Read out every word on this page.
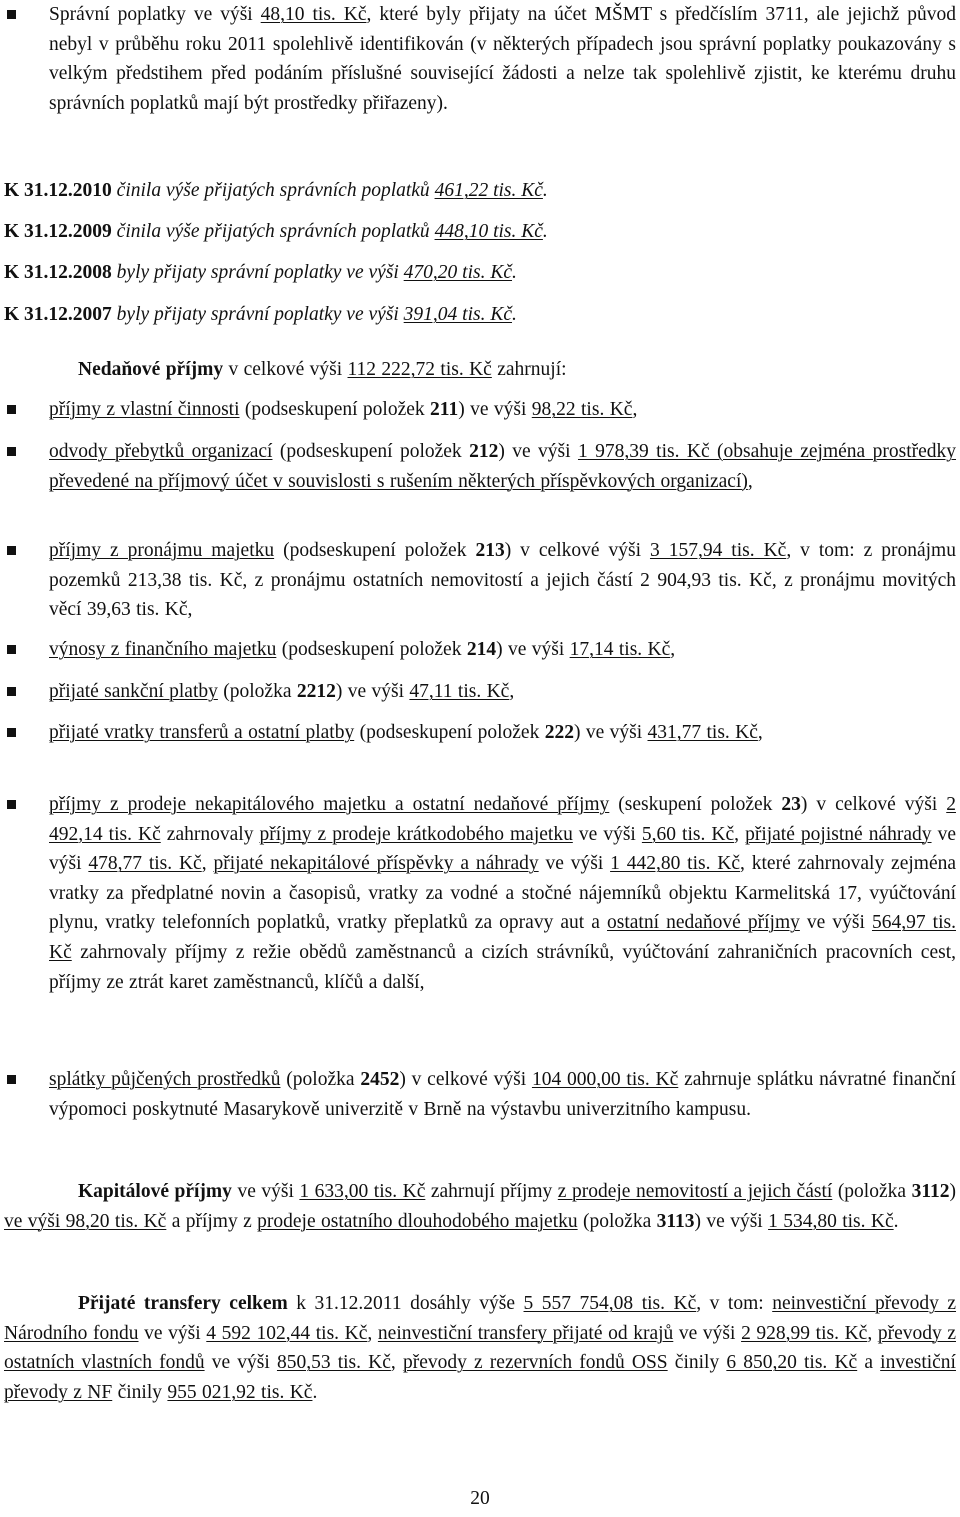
Správní poplatky ve výši 48,10 tis. Kč, které byly přijaty na účet MŠMT s předčíslím 3711, ale jejichž původ nebyl v průběhu roku 2011 spolehlivě identifikován (v některých případech jsou správní poplatky poukazovány s velkým předstihem před podáním příslušné související žádosti a nelze tak spolehlivě zjistit, ke kterému druhu správních poplatků mají být prostředky přiřazeny).
K 31.12.2010 činila výše přijatých správních poplatků 461,22 tis. Kč.
K 31.12.2009 činila výše přijatých správních poplatků 448,10 tis. Kč.
K 31.12.2008 byly přijaty správní poplatky ve výši 470,20 tis. Kč.
K 31.12.2007 byly přijaty správní poplatky ve výši 391,04 tis. Kč.
Nedaňové příjmy v celkové výši 112 222,72 tis. Kč zahrnují:
příjmy z vlastní činnosti (podseskupení položek 211) ve výši 98,22 tis. Kč,
odvody přebytků organizací (podseskupení položek 212) ve výši 1 978,39 tis. Kč (obsahuje zejména prostředky převedené na příjmový účet v souvislosti s rušením některých příspěvkových organizací),
příjmy z pronájmu majetku (podseskupení položek 213) v celkové výši 3 157,94 tis. Kč, v tom: z pronájmu pozemků 213,38 tis. Kč, z pronájmu ostatních nemovitostí a jejich částí 2 904,93 tis. Kč, z pronájmu movitých věcí 39,63 tis. Kč,
výnosy z finančního majetku (podseskupení položek 214) ve výši 17,14 tis. Kč,
přijaté sankční platby (položka 2212) ve výši 47,11 tis. Kč,
přijaté vratky transferů a ostatní platby (podseskupení položek 222) ve výši 431,77 tis. Kč,
příjmy z prodeje nekapitálového majetku a ostatní nedaňové příjmy (seskupení položek 23) v celkové výši 2 492,14 tis. Kč zahrnovaly příjmy z prodeje krátkodobého majetku ve výši 5,60 tis. Kč, přijaté pojistné náhrady ve výši 478,77 tis. Kč, přijaté nekapitálové příspěvky a náhrady ve výši 1 442,80 tis. Kč, které zahrnovaly zejména vratky za předplatné novin a časopisů, vratky za vodné a stočné nájemníků objektu Karmelitská 17, vyúčtování plynu, vratky telefonních poplatků, vratky přeplatků za opravy aut a ostatní nedaňové příjmy ve výši 564,97 tis. Kč zahrnovaly příjmy z režie obědů zaměstnanců a cizích strávníků, vyúčtování zahraničních pracovních cest, příjmy ze ztrát karet zaměstnanců, klíčů a další,
splátky půjčených prostředků (položka 2452) v celkové výši 104 000,00 tis. Kč zahrnuje splátku návratné finanční výpomoci poskytnuté Masarykově univerzitě v Brně na výstavbu univerzitního kampusu.
Kapitálové příjmy ve výši 1 633,00 tis. Kč zahrnují příjmy z prodeje nemovitostí a jejich částí (položka 3112) ve výši 98,20 tis. Kč a příjmy z prodeje ostatního dlouhodobého majetku (položka 3113) ve výši 1 534,80 tis. Kč.
Přijaté transfery celkem k 31.12.2011 dosáhly výše 5 557 754,08 tis. Kč, v tom: neinvestiční převody z Národního fondu ve výši 4 592 102,44 tis. Kč, neinvestiční transfery přijaté od krajů ve výši 2 928,99 tis. Kč, převody z ostatních vlastních fondů ve výši 850,53 tis. Kč, převody z rezervních fondů OSS činily 6 850,20 tis. Kč a investiční převody z NF činily 955 021,92 tis. Kč.
20
